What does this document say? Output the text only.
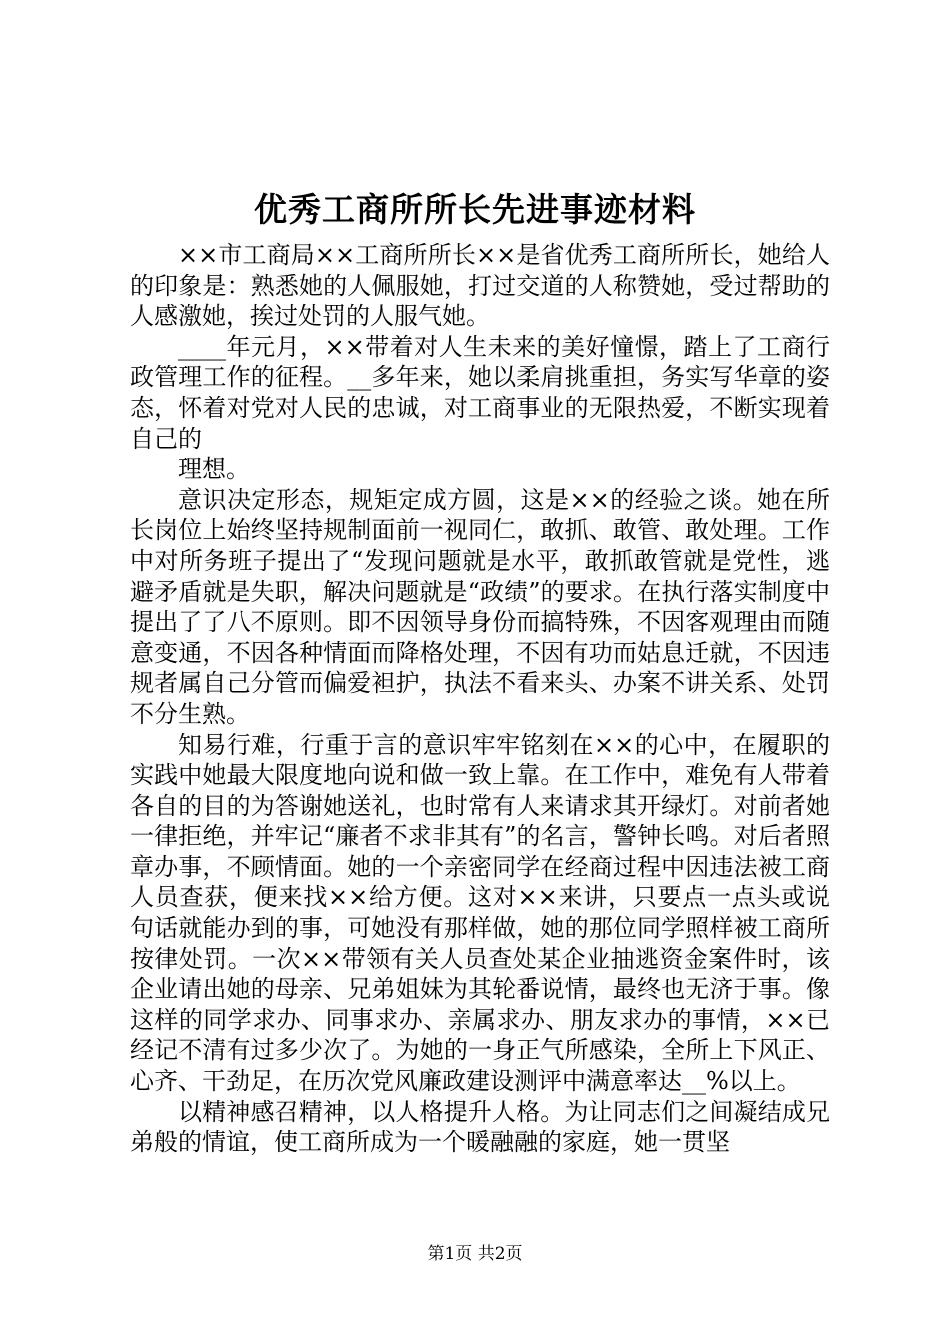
优秀工商所所长先进事迹材料

××市工商局××工商所所长××是省优秀工商所所长，她给人的印象是：熟悉她的人佩服她，打过交道的人称赞她，受过帮助的人感激她，挨过处罚的人服气她。

____年元月，××带着对人生未来的美好憧憬，踏上了工商行政管理工作的征程。__多年来，她以柔肩挑重担，务实写华章的姿态，怀着对党对人民的忠诚，对工商事业的无限热爱，不断实现着自己的

理想。

意识决定形态，规矩定成方圆，这是××的经验之谈。她在所长岗位上始终坚持规制面前一视同仁，敢抓、敢管、敢处理。工作中对所务班子提出了“发现问题就是水平，敢抓敢管就是党性，逃避矛盾就是失职，解决问题就是“政绩”的要求。在执行落实制度中提出了了八不原则。即不因领导身份而搞特殊，不因客观理由而随意变通，不因各种情面而降格处理，不因有功而姑息迁就，不因违规者属自己分管而偏爱袒护，执法不看来头、办案不讲关系、处罚不分生熟。

知易行难，行重于言的意识牢牢铭刻在××的心中，在履职的实践中她最大限度地向说和做一致上靠。在工作中，难免有人带着各自的目的为答谢她送礼，也时常有人来请求其开绿灯。对前者她一律拒绝，并牢记“廉者不求非其有”的名言，警钟长鸣。对后者照章办事，不顾情面。她的一个亲密同学在经商过程中因违法被工商人员查获，便来找××给方便。这对××来讲，只要点一点头或说句话就能办到的事，可她没有那样做，她的那位同学照样被工商所按律处罚。一次××带领有关人员查处某企业抽逃资金案件时，该企业请出她的母亲、兄弟姐妹为其轮番说情，最终也无济于事。像这样的同学求办、同事求办、亲属求办、朋友求办的事情，××已经记不清有过多少次了。为她的一身正气所感染，全所上下风正、心齐、干劲足，在历次党风廉政建设测评中满意率达__%以上。

以精神感召精神，以人格提升人格。为让同志们之间凝结成兄弟般的情谊，使工商所成为一个暖融融的家庭，她一贯坚

第1页 共2页
